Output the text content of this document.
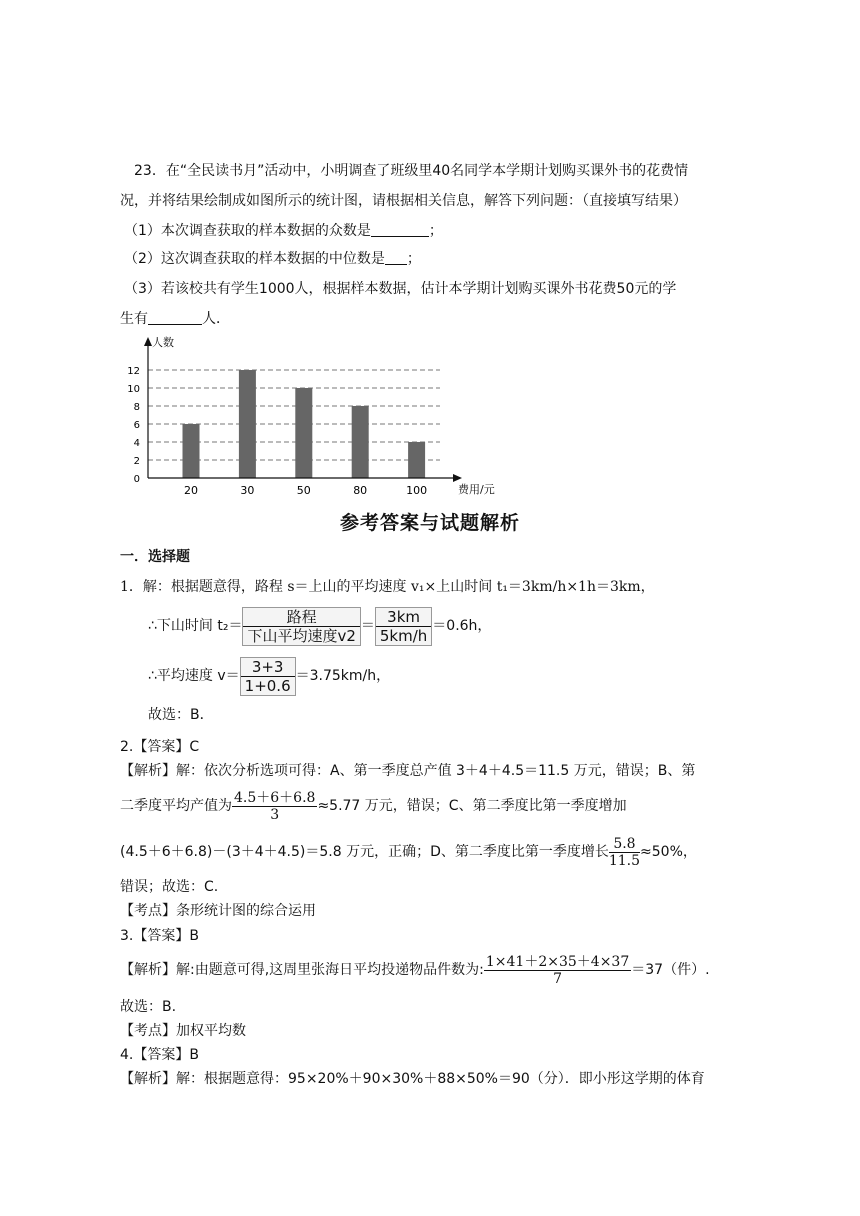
23．在“全民读书月”活动中，小明调查了班级里40名同学本学期计划购买课外书的花费情
况，并将结果绘制成如图所示的统计图，请根据相关信息，解答下列问题：（直接填写结果）
（1）本次调查获取的样本数据的众数是	；
（2）这次调查获取的样本数据的中位数是 ；
（3）若该校共有学生1000人，根据样本数据，估计本学期计划购买课外书花费50元的学
生有	人．
0
2
4
6
8
10
12
20	30	50	80	100
人数
费用/元
参考答案与试题解析
一．选择题
1．解：根据题意得，路程 s＝上山的平均速度 v₁×上山时间 t₁＝3km/h×1h＝3km，
∴下山时间 $t_2= \frac{\text{路程}}{\text{下山平均速度v2}} = \frac{3km}{5km/h} =0.6h$，
∴平均速度 $v= \frac{3+3}{1+0.6} =3.75km/h$，
故选：B．
2.【答案】C
【解析】解：依次分析选项可得：A、第一季度总产值 3＋4＋4.5＝11.5 万元，错误；B、第
二季度平均产值为 $\frac{4.5+6+6.8}{3} \approx 5.77$ 万元，错误；C、第二季度比第一季度增加
(4.5＋6＋6.8)－(3＋4＋4.5)＝5.8 万元，正确；D、第二季度比第一季度增长 $\frac{5.8}{11.5} \approx 50\%$，
错误；故选：C.
【考点】条形统计图的综合运用
3.【答案】B
【解析】解:由题意可得,这周里张海日平均投递物品件数为: $\frac{1\times 41+2\times 35+4\times 37}{7} =37$（件）.
故选：B.
【考点】加权平均数
4.【答案】B
【解析】解：根据题意得：95×20%＋90×30%＋88×50%＝90（分）．即小彤这学期的体育
